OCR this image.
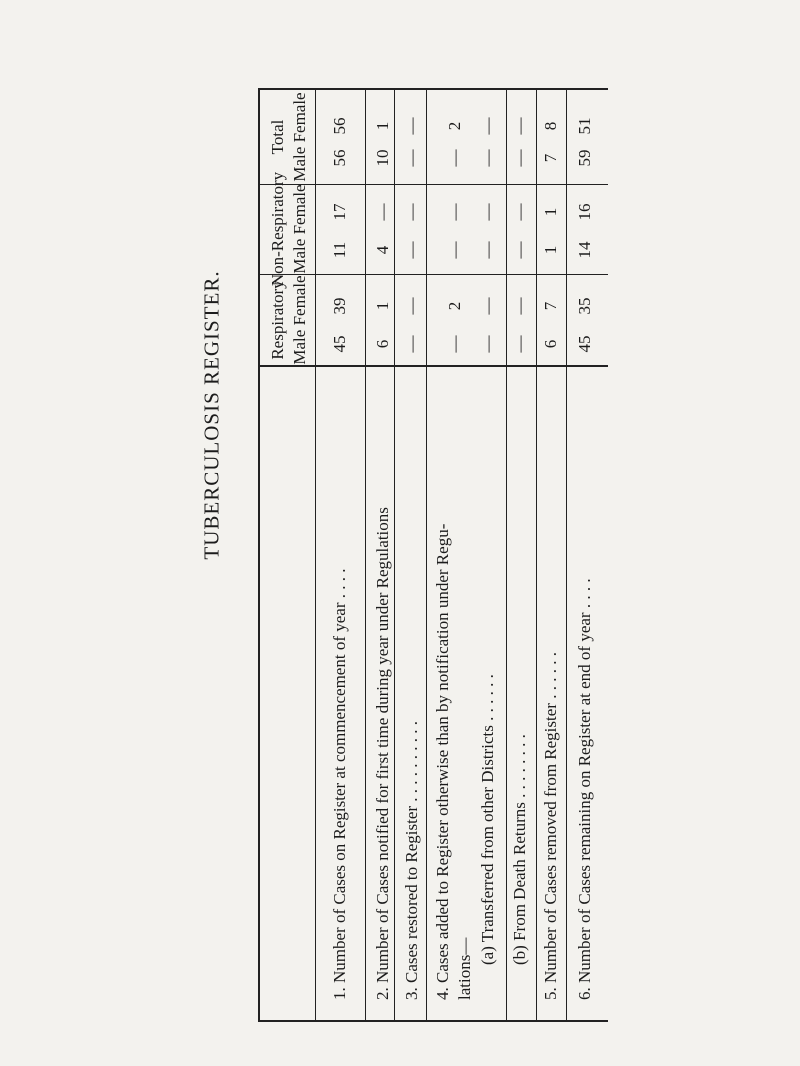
TUBERCULOSIS REGISTER.
Total Male Female
Non-Respiratory Male Female
Respiratory Male Female
56
56
17
11
39
45
1. Number of Cases on Register at commencement of year . . . .
1
10
—
4
1
6
2. Number of Cases notified for first time during year under Regulations
—
—
—
—
—
—
3. Cases restored to Register . . . . . . . . . .
2
—
—
—
2
—
4. Cases added to Register otherwise than by notification under Regu- lations—
—
—
—
—
—
—
(a) Transferred from other Districts . . . . . .
—
—
—
—
—
—
(b) From Death Returns . . . . . . . .
8
7
1
1
7
6
5. Number of Cases removed from Register . . . . . .
51
59
16
14
35
45
6. Number of Cases remaining on Register at end of year . . . .
